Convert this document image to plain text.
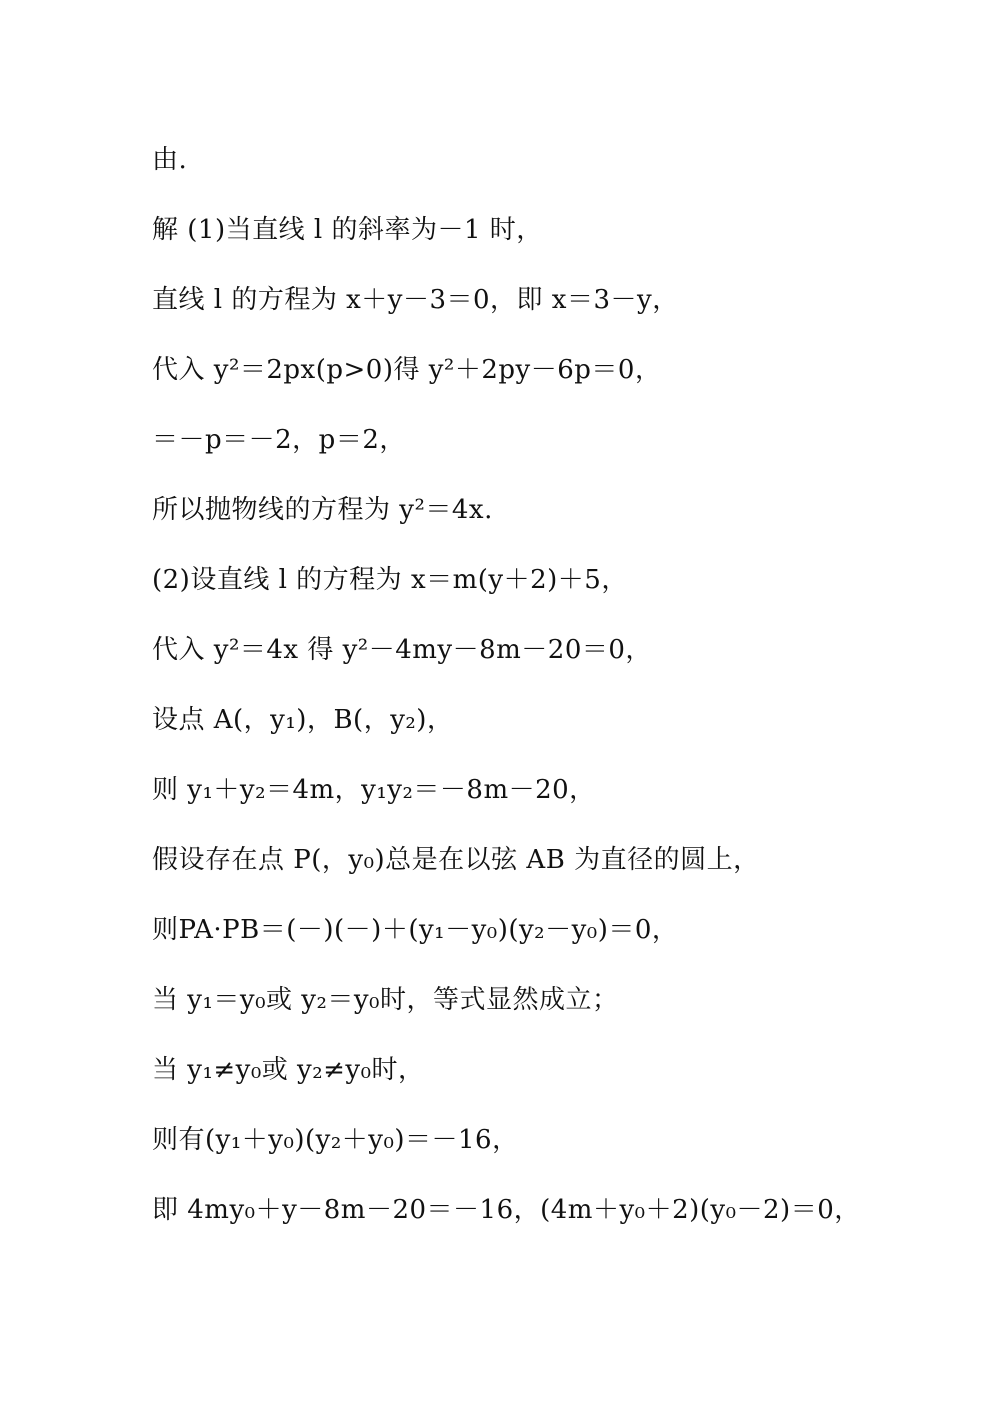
由.
解 (1)当直线 l 的斜率为－1 时，
直线 l 的方程为 x＋y－3＝0，即 x＝3－y，
代入 y²＝2px(p>0)得 y²＋2py－6p＝0，
＝－p＝－2，p＝2，
所以抛物线的方程为 y²＝4x.
(2)设直线 l 的方程为 x＝m(y＋2)＋5，
代入 y²＝4x 得 y²－4my－8m－20＝0，
设点 A(，y₁)，B(，y₂)，
则 y₁＋y₂＝4m，y₁y₂＝－8m－20，
假设存在点 P(，y₀)总是在以弦 AB 为直径的圆上，
则PA·PB＝(－)(－)＋(y₁－y₀)(y₂－y₀)＝0，
当 y₁＝y₀或 y₂＝y₀时，等式显然成立；
当 y₁≠y₀或 y₂≠y₀时，
则有(y₁＋y₀)(y₂＋y₀)＝－16，
即 4my₀＋y－8m－20＝－16，(4m＋y₀＋2)(y₀－2)＝0，
